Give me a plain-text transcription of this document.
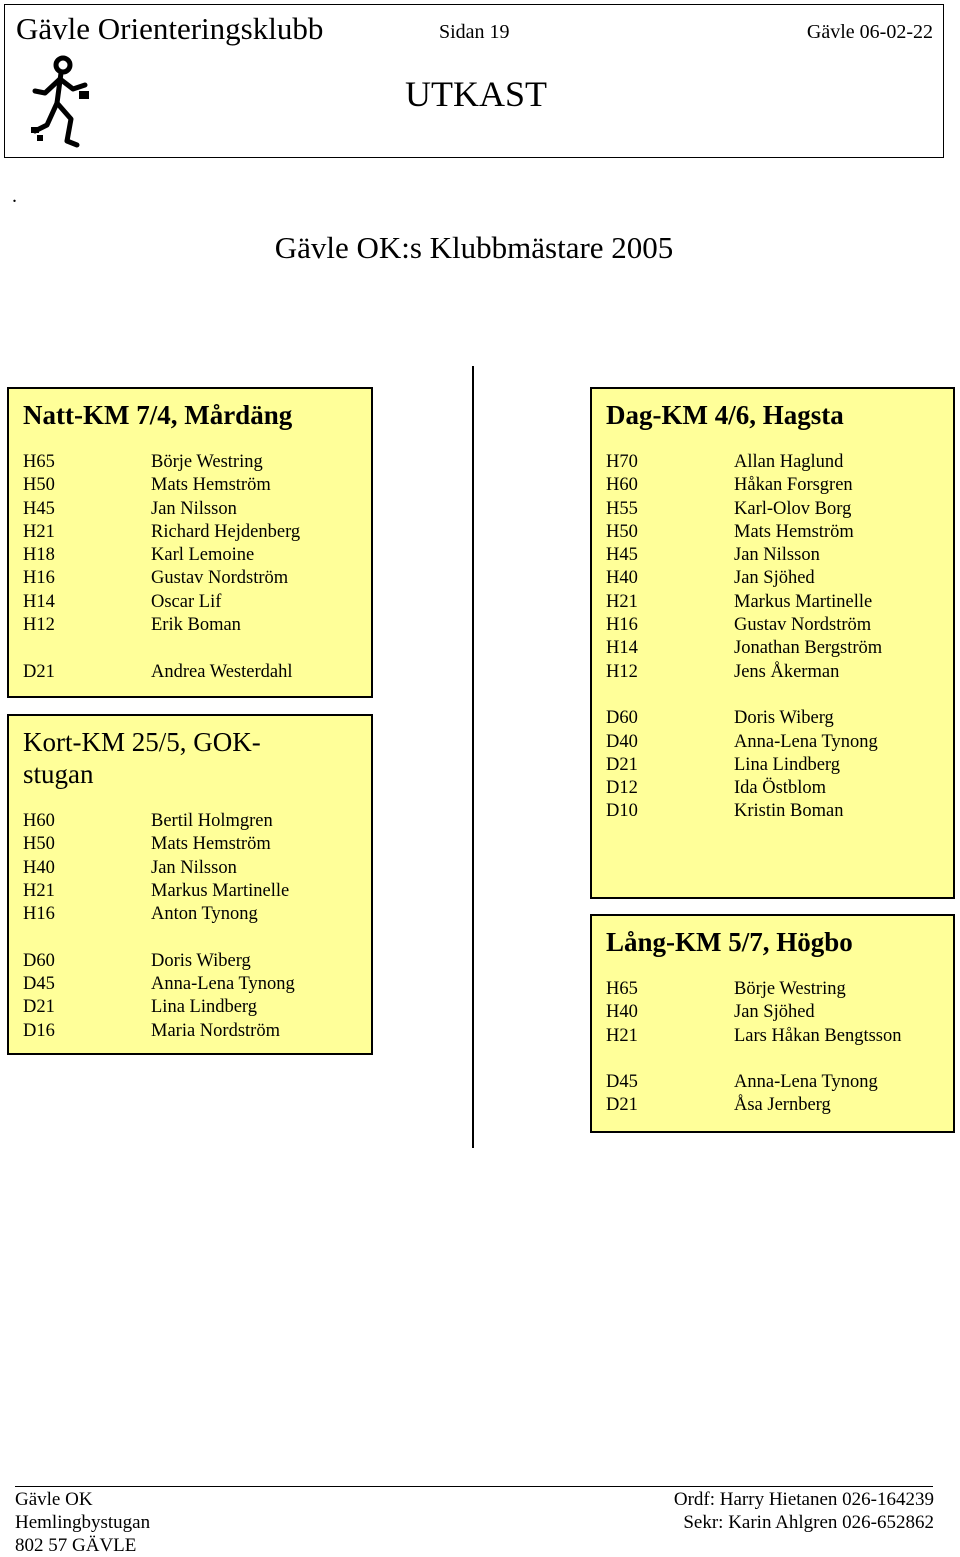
Gävle Orienteringsklubb	Sidan 19	Gävle 06-02-22
UTKAST
.
Gävle OK:s Klubbmästare 2005
Natt-KM 7/4, Mårdäng
H65	Börje Westring
H50	Mats Hemström
H45	Jan Nilsson
H21	Richard Hejdenberg
H18	Karl Lemoine
H16	Gustav Nordström
H14	Oscar Lif
H12	Erik Boman
D21	Andrea Westerdahl
Kort-KM 25/5, GOK-
stugan
H60	Bertil Holmgren
H50	Mats Hemström
H40	Jan Nilsson
H21	Markus Martinelle
H16	Anton Tynong
D60	Doris Wiberg
D45	Anna-Lena Tynong
D21	Lina Lindberg
D16	Maria Nordström
Dag-KM 4/6, Hagsta
H70	Allan Haglund
H60	Håkan Forsgren
H55	Karl-Olov Borg
H50	Mats Hemström
H45	Jan Nilsson
H40	Jan Sjöhed
H21	Markus Martinelle
H16	Gustav Nordström
H14	Jonathan Bergström
H12	Jens Åkerman
D60	Doris Wiberg
D40	Anna-Lena Tynong
D21	Lina Lindberg
D12	Ida Östblom
D10	Kristin Boman
Lång-KM 5/7, Högbo
H65	Börje Westring
H40	Jan Sjöhed
H21	Lars Håkan Bengtsson
D45	Anna-Lena Tynong
D21	Åsa Jernberg
Gävle OK
Hemlingbystugan
802 57 GÄVLE
Ordf: Harry Hietanen 026-164239
Sekr: Karin Ahlgren 026-652862
